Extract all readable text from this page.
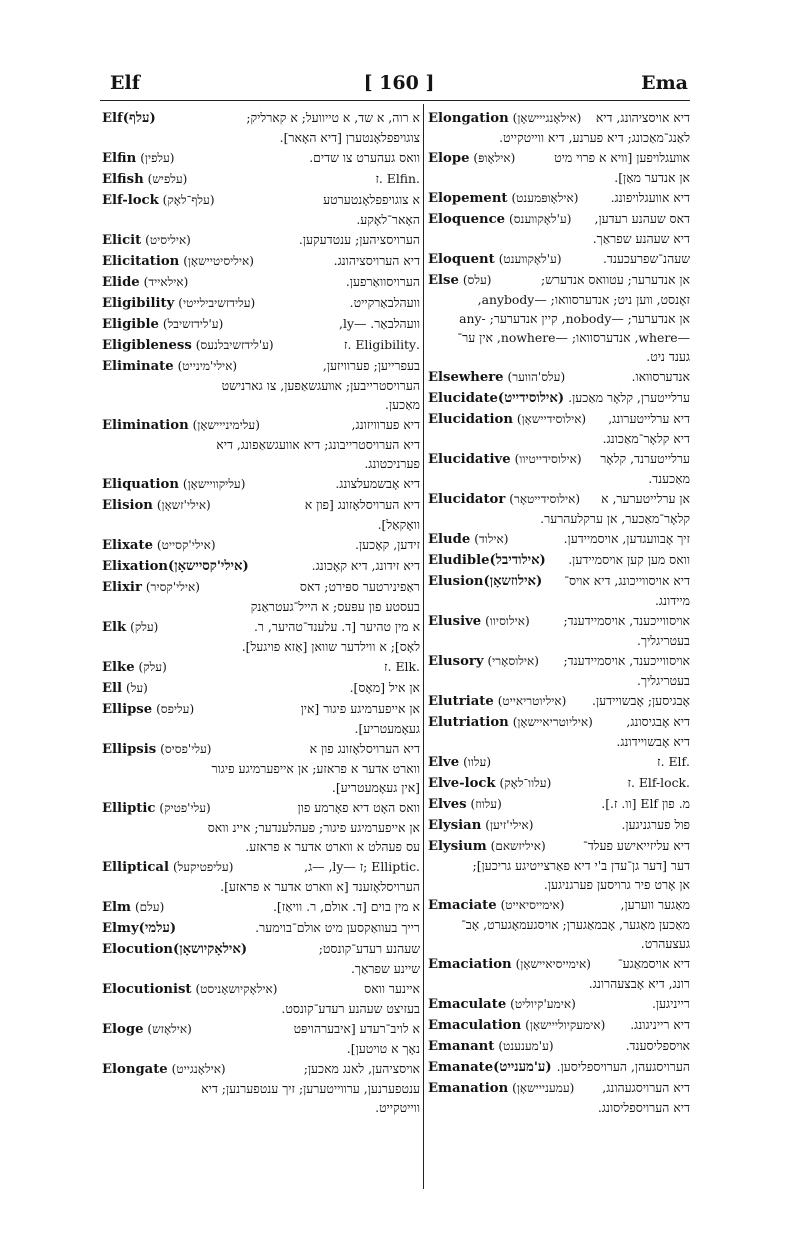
Elf	[ 160 ]	Ema
Elf(עלף)	א רוה, א שד, א טייוועל; א קארליק;
צוגויפפלאָנטערן [דיא האָאר].
Elfin (עלפין)	וואס געהערט צו שדים.
Elfish (עלפיש)	.Elfin .ז
Elf-lock (עלף־לאָק)	א צוגויפפלאָנטערטע
האָאר־לאָקע.
Elicit (איליסיט)	הערויסציהען; ענטדעקען.
Elicitation (איליסיטיישאָן)	דיא הערויסציהונג.
Elide (אילאייד)	הערויסוואַרפען.
Eligibility (עלידזשיבילייטי)	וועהלבאַרקייט.
Eligible (ע'לידזשיבל)	וועהלבאַר. —ly,
Eligibleness (ע'לידזשיבלנעס)	.Eligibility .ז
Eliminate (אילי'מינייט)	בעפרייען; פערוויזען,
הערויסטרייבען; אוועגשאַפען, צו גארנישט
מאַכען.
Elimination (עלימינייישאָן)	דיא פערוויזונג,
דיא הערויסטרייבונג; דיא אוועגשאַפונג, דיא
פערניכטונג.
Eliquation (עליקוויישאָן)	דיא אָבשמעלצונג.
Elision (אילי'זשאָן)	דיא הערויסלאָזונג [פון א
וואָקאַל].
Elixate (אילי'קסייט)	זידען, קאָכען.
Elixation(אילי'קסיישאָן)	דיא זידונג, דיא קאָכונג.
Elixir (אילי'קסיר)	ראַפינירטער ספּירט; דאס
בעסטע פון עפּעס; א הייל־געטראַנק
Elk (עלק)	א מין טהיער [ד. עלענד־טהיער, ר.
לאָס]; א ווילדער שוואן [אַזא פויגעל].
Elke (עלק)	.Elk .ז
Ell (על)	אן איל [מאָס].
Ellipse (עליפס)	אן אייפערמיגע פיגור [אין
געאָמעטריע].
Ellipsis (עלי'פסיס)	דיא הערויסלאָזונג פון א
ווארט אדער א פראזע; אן אייפערמיגע פיגור
[אין געאָמעטריע].
Elliptic (עלי'פטיק)	וואס האָט דיא פאָרמע פון
אן אייפערמיגע פיגור; פעהלענדער; איינ וואס
עס פעהלט א ווארט אדער א פראזע.
Elliptical (עליפטיקעל)	.Elliptic ;ז —ly, —ג,
הערויסלאָזענד [א ווארט אדער א פראזע].
Elm (עלם)	א מין בוים [ד. אולם, ר. וויאַז].
Elmy(עלמי)	רייך בעוואַקסען מיט אולם־בוימער.
Elocution(אילאָקיושאָן)	שעהנע רעדע־קונסט;
שיינע שפראַך.
Elocutionist (אילאָקיושאָניסט)	איינער וואס
בעזיצט שעהנע רעדע־קונסט.
Eloge (אילאָזש)	א לויב־רעדע [איבערהויפּט
נאָך א טויטען].
Elongate (אילאָנגייט)	אויסציהען, לאנג מאכען;
ענטפערנען, ערווייטערען; זיך ענטפערנען; דיא
ווייטקייט.
Elongation (אילאָנגייישאָן) דיא אויסציהונג, דיא
לאַנג־מאַכונג; דיא פערנע, דיא ווייטקייט.
Elope (אילאָופּ)	אוועגלויפען [וויא א פרוי מיט
אן אנדער מאַן].
Elopement (אילאָופּמענט)	דיא אוועגלויפונג.
Eloquence (ע'לאָקווענס) דאס שעהנע רעדען,
דיא שעהנע שפראַך.
Eloquent (ע'לאָקווענט)	שעהנ־שפרעכענד.
Else (עלס)	אן אנדערער; עטוואס אנדערש;
זאָנסט, ווען ניט; אנדערסוואו; —anybody,
אן אנדערער; —nobody, קיין אנדערער; -any
—where, אנדערסוואו; —nowhere, אין ער־
גענד ניט.
Elsewhere (עלס'הווער)	אנדערסוואו.
Elucidate(אילוסידייט) ערלייטערן, קלאָר מאַכען.
Elucidation (אילוסידיישאָן) דיא ערלייטערונג,
דיא קלאָר־מאַכונג.
Elucidative (אילוסידייטיוו) ערלייטערנד, קלאָר
מאַכענד.
Elucidator (אילוסידייטאָר) אן ערלייטערער, א
קלאָר־מאַכער, אן ערקלעהרער.
Elude (אילוד)	זיך אָבוועגדען, אויסמיידען.
Eludible(אילודיבל) וואס מען קען אויסמיידען.
Elusion(אילוזשאָן) דיא אויסווייכונג, דיא אויס־
מיידונג.
Elusive (אילוסיוו)	אויסווייכענד, אויסמיידענד;
בעטריגליך.
Elusory (אילוסאָרי) אויסווייכענד, אויסמיידענד;
בעטריגליך.
Elutriate (איליוטריאייט) אָבגיסען; אָבשויידען.
Elutriation (איליוטריאיישאָן)	דיא אָבגיסונג,
דיא אָבשויידונג.
Elve (עלוו)	.Elf .ז
Elve-lock (עלוו־לאָק)	.Elf-lock .ז
Elves (עלווז)	מ. פון Elf [וו. ז.].
Elysian (אילי'זיען)	פול פערגניגען.
Elysium (איליזשאם)	דיא עליזייאישע פעלד־
דער [דער גן־עדן ב'י דיא פאַרצייטיגע גריכען];
אן אָרט פיר גרויסען פערגניגען.
Emaciate (אימייסיאייט)	מאַגער ווערען,
מאַכען מאַגער, אָבמאַגערן; אויסגעמאָגערט, אָב־
געצעהרט.
Emaciation (אימייסיאיישאָן) דיא אויסמאַגע־
רונג, דיא אָבצעהרונג.
Emaculate (אימע'קיוליט)	רייניגען.
Emaculation (אימעקיולייישאָן) דיא רייניגונג.
Emanant (ע'מענענט)	אויספליסענד.
Emanate(ע'מענייט) הערויסגעהן, הערויספליסען.
Emanation (עמענייישאָן) דיא הערויסגעהונג,
דיא הערויספליסונג.
